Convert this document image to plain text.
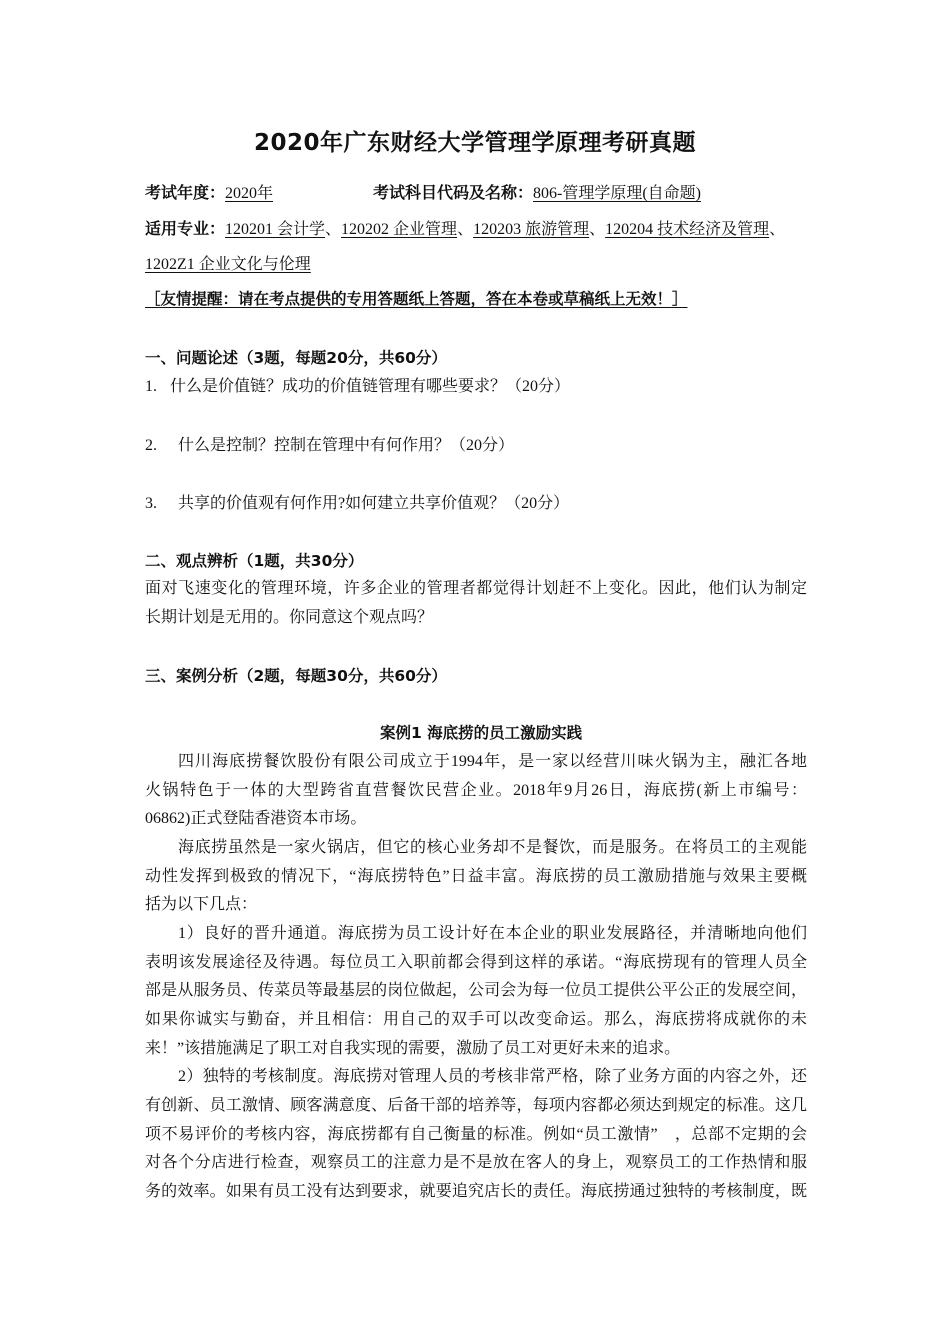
2020年广东财经大学管理学原理考研真题
考试年度：2020年	考试科目代码及名称：806-管理学原理(自命题)
适用专业：120201 会计学、120202 企业管理、120203 旅游管理、120204 技术经济及管理、
1202Z1 企业文化与伦理
［友情提醒：请在考点提供的专用答题纸上答题，答在本卷或草稿纸上无效！］
一、问题论述（3题，每题20分，共60分）
1. 什么是价值链？成功的价值链管理有哪些要求？（20分）
2. 什么是控制？控制在管理中有何作用？（20分）
3. 共享的价值观有何作用?如何建立共享价值观？（20分）
二、观点辨析（1题，共30分）
面对飞速变化的管理环境，许多企业的管理者都觉得计划赶不上变化。因此，他们认为制定
长期计划是无用的。你同意这个观点吗？
三、案例分析（2题，每题30分，共60分）
案例1 海底捞的员工激励实践
四川海底捞餐饮股份有限公司成立于1994年，是一家以经营川味火锅为主，融汇各地
火锅特色于一体的大型跨省直营餐饮民营企业。2018年9月26日，海底捞(新上市编号：
06862)正式登陆香港资本市场。
海底捞虽然是一家火锅店，但它的核心业务却不是餐饮，而是服务。在将员工的主观能
动性发挥到极致的情况下，“海底捞特色”日益丰富。海底捞的员工激励措施与效果主要概
括为以下几点：
1）良好的晋升通道。海底捞为员工设计好在本企业的职业发展路径，并清晰地向他们
表明该发展途径及待遇。每位员工入职前都会得到这样的承诺。“海底捞现有的管理人员全
部是从服务员、传菜员等最基层的岗位做起，公司会为每一位员工提供公平公正的发展空间，
如果你诚实与勤奋，并且相信：用自己的双手可以改变命运。那么，海底捞将成就你的未
来！”该措施满足了职工对自我实现的需要，激励了员工对更好未来的追求。
2）独特的考核制度。海底捞对管理人员的考核非常严格，除了业务方面的内容之外，还
有创新、员工激情、顾客满意度、后备干部的培养等，每项内容都必须达到规定的标准。这几
项不易评价的考核内容，海底捞都有自己衡量的标准。例如“员工激情”　，总部不定期的会
对各个分店进行检查，观察员工的注意力是不是放在客人的身上，观察员工的工作热情和服
务的效率。如果有员工没有达到要求，就要追究店长的责任。海底捞通过独特的考核制度，既
